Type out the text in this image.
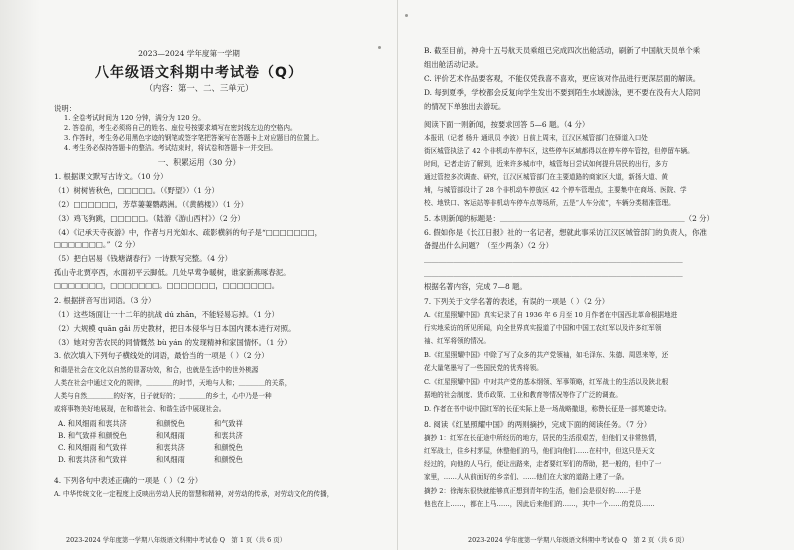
2023—2024 学年度第一学期
八年级语文科期中考试卷（Q）
（内容：第一、二、三单元）
说明：
1. 全卷考试时间为 120 分钟，满分为 120 分。
2. 答卷前，考生必须将自己的姓名、座位号按要求填写在密封线左边的空格内。
3. 作答时，考生务必用黑色字迹的钢笔或签字笔把答案写在答题卡上对应题目的位置上。
4. 考生务必保持答题卡的整洁。考试结束时，将试卷和答题卡一并交回。
一、积累运用（30 分）
1. 根据课文默写古诗文。（10 分）
（1）树树皆秋色，□□□□□。（《野望》）（1 分）
（2）□□□□□□，芳草萋萋鹦鹉洲。（《黄鹤楼》）（1 分）
（3）鸡飞狗跳，□□□□□。（陆游《游山西村》）（2 分）
（4）《记承天寺夜游》中，作者与月光如水、疏影横斜的句子是“□□□□□□□，
□□□□□□□。”（2 分）
（5）把白居易《钱塘湖春行》一诗默写完整。（4 分）
孤山寺北贾亭西，水面初平云脚低。几处早莺争暖树，谁家新燕啄春泥。
□□□□□□□，□□□□□□□。□□□□□□□，□□□□□□□。
2. 根据拼音写出词语。（3 分）
（1）这些场面让一十二年的抗战 dú zhān，不能轻易忘掉。（1 分）
（2）大规模 quān gǎi 历史教材，把日本侵华与日本国内课本进行对照。
（3）她对穷苦农民的同情慨然 bù yán 的发现精神和家国情怀。（1 分）
3. 依次填入下列句子横线处的词语，最恰当的一项是（ ）（2 分）
和谐是社会在文化以自然的显著功效，和合，也就是生活中的世外桃源
人类在社会中通过文化的规律，＿＿＿＿的时节，天地与人和；＿＿＿＿的关系，
人类与自然＿＿＿＿的好客，日子就好的；＿＿＿＿的乡土，心中乃是一种
或将事物美好地展现，在和谐社会、和谐生活中展现社会。
A. 和风细雨 和衷共济	和颜悦色	和气致祥
B. 和气致祥 和颜悦色	和风细雨	和衷共济
C. 和风细雨 和气致祥	和衷共济	和颜悦色
D. 和衷共济 和气致祥	和风细雨	和颜悦色
4. 下列各句中表述正确的一项是（ ）（2 分）
A. 中华传统文化一定程度上反映出劳动人民的智慧和精神，对劳动的传承，对劳动文化的传播，
2023-2024 学年度第一学期八年级语文科期中考试卷 Q　第 1 页（共 6 页）
B. 截至目前，神舟十五号航天员乘组已完成四次出舱活动，刷新了中国航天员单个乘
组出舱活动记录。
C. 评价艺术作品要客观，不能仅凭我喜不喜欢，更应该对作品进行更深层面的解读。
D. 每到夏季，学校都会反复向学生发出不要到陌生水域游泳，更不要在没有大人陪同
的情况下单独出去游玩。
阅读下面一则新闻，按要求回答 5—6 题。（4 分）
本报讯（记者 杨升 通讯员 李波）日前上周末，江汉区城管部门在驿道入口处
街区城管执法了 42 个非机动车停车区，这些停车区域都得以在停车停车管控，但停留车辆。
时间，记者走访了解到，近来许多城市中，城管每日尝试如何提升居民的出行，多方
通过管控多次调查、研究，江汉区城管部门在主要道路的商家区大道，新扬大道、黄
埔，与城管部设计了 28 个非机动车停放区 42 个停车管理点，主要集中在商场、医院、学
校、地铁口、客运站等非机动车停车点等场所，五是“人车分流”，车辆分类精准管理。
5. 本则新闻的标题是：＿＿＿＿＿＿＿＿＿＿＿＿＿＿＿＿＿＿＿＿＿＿＿＿＿（2 分）
6. 假如你是《长江日报》社的一名记者，想就此事采访江汉区城管部门的负责人，你准
备提出什么问题？（至少两条）（2 分）
＿＿＿＿＿＿＿＿＿＿＿＿＿＿＿＿＿＿＿＿＿＿＿＿＿＿＿＿＿＿＿＿＿＿＿
＿＿＿＿＿＿＿＿＿＿＿＿＿＿＿＿＿＿＿＿＿＿＿＿＿＿＿＿＿＿＿＿＿＿＿
根据名著内容，完成 7—8 题。
7. 下列关于文学名著的表述，有误的一项是（ ）（2 分）
A.《红星照耀中国》真实记录了自 1936 年 6 月至 10 月作者在中国西北革命根据地进
行实地采访的所见所闻，向全世界真实报道了中国和中国工农红军以及许多红军领
袖、红军将领的情况。
B.《红星照耀中国》中除了写了众多的共产党领袖，如毛泽东、朱德、周恩来等，还
花大量笔墨写了一些国民党的优秀将领。
C.《红星照耀中国》中对共产党的基本纲领、军事策略，红军战士的生活以及陕北根
据地的社会制度、货币政策、工业和教育等情况等作了广泛的调查。
D. 作者在书中说中国红军的长征实际上是一场战略撤退，称赞长征是一部英雄史诗。
8. 阅读《红星照耀中国》的两则摘抄，完成下面的阅读任务。（7 分）
摘抄 1：红军在长征途中所经历的地方，居民的生活很艰苦，但他们又非常热情，
红军战士，住乡村茅屋，休整他们的马，他们向他们……在村中，但这只是天文
经过的，向他的人马行，便让出路来，走者要红军们的帮助，把一般的，但中了一
家里，……人从前面好的乡亲们、……他们在大家的道路上建了一条。
摘抄 2：徐海东很快就能够真正想到青年的生活，他们会是很好的……于是
他也在上……，都在上马……，因此后来他们的……，其中一个……的党员……
2023-2024 学年度第一学期八年级语文科期中考试卷 Q　第 2 页（共 6 页）
